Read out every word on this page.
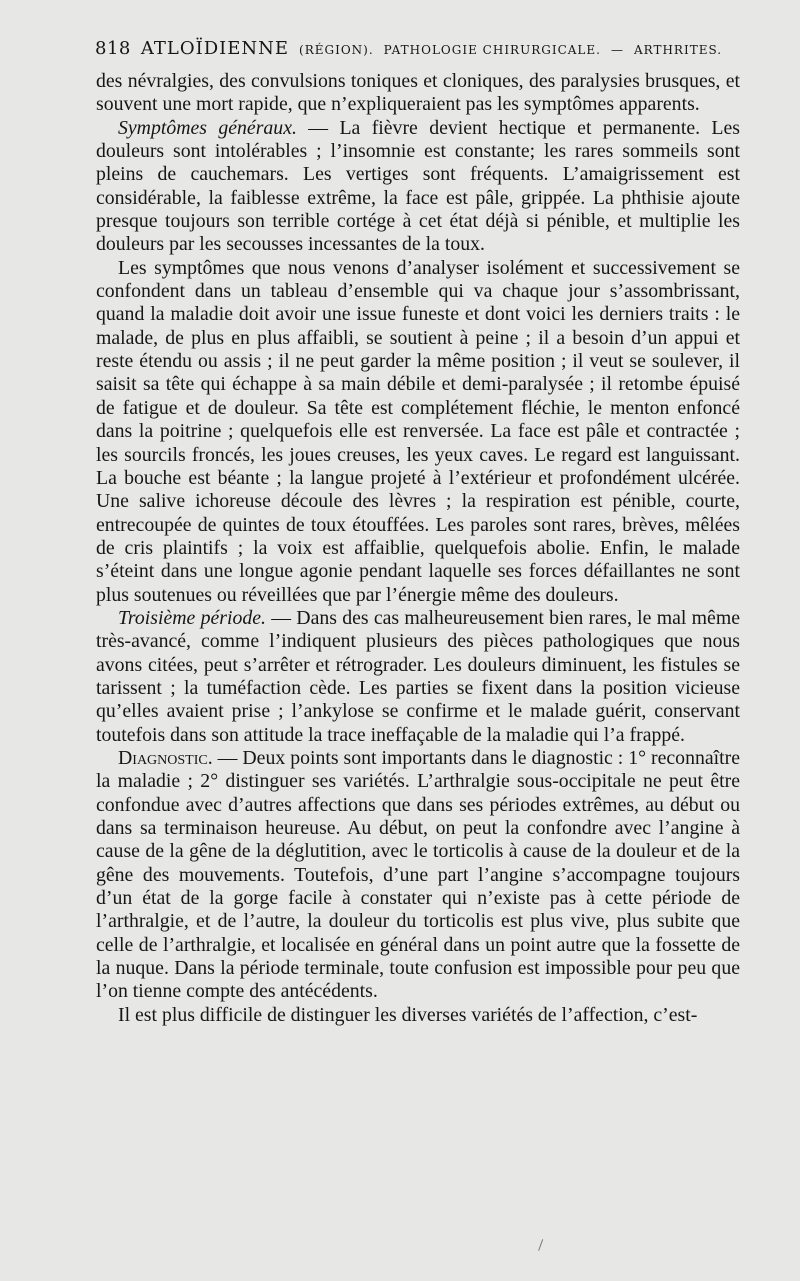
818 ATLOÏDIENNE (RÉGION). PATHOLOGIE CHIRURGICALE. — ARTHRITES.

des névralgies, des convulsions toniques et cloniques, des paralysies brusques, et souvent une mort rapide, que n’expliqueraient pas les symptômes apparents.

Symptômes généraux. — La fièvre devient hectique et permanente. Les douleurs sont intolérables ; l’insomnie est constante; les rares sommeils sont pleins de cauchemars. Les vertiges sont fréquents. L’amaigrissement est considérable, la faiblesse extrême, la face est pâle, grippée. La phthisie ajoute presque toujours son terrible cortége à cet état déjà si pénible, et multiplie les douleurs par les secousses incessantes de la toux.

Les symptômes que nous venons d’analyser isolément et successivement se confondent dans un tableau d’ensemble qui va chaque jour s’assombrissant, quand la maladie doit avoir une issue funeste et dont voici les derniers traits : le malade, de plus en plus affaibli, se soutient à peine ; il a besoin d’un appui et reste étendu ou assis ; il ne peut garder la même position ; il veut se soulever, il saisit sa tête qui échappe à sa main débile et demi-paralysée ; il retombe épuisé de fatigue et de douleur. Sa tête est complétement fléchie, le menton enfoncé dans la poitrine ; quelquefois elle est renversée. La face est pâle et contractée ; les sourcils froncés, les joues creuses, les yeux caves. Le regard est languissant. La bouche est béante ; la langue projeté à l’extérieur et profondément ulcérée. Une salive ichoreuse découle des lèvres ; la respiration est pénible, courte, entrecoupée de quintes de toux étouffées. Les paroles sont rares, brèves, mêlées de cris plaintifs ; la voix est affaiblie, quelquefois abolie. Enfin, le malade s’éteint dans une longue agonie pendant laquelle ses forces défaillantes ne sont plus soutenues ou réveillées que par l’énergie même des douleurs.

Troisième période. — Dans des cas malheureusement bien rares, le mal même très-avancé, comme l’indiquent plusieurs des pièces pathologiques que nous avons citées, peut s’arrêter et rétrograder. Les douleurs diminuent, les fistules se tarissent ; la tuméfaction cède. Les parties se fixent dans la position vicieuse qu’elles avaient prise ; l’ankylose se confirme et le malade guérit, conservant toutefois dans son attitude la trace ineffaçable de la maladie qui l’a frappé.

Diagnostic. — Deux points sont importants dans le diagnostic : 1° reconnaître la maladie ; 2° distinguer ses variétés. L’arthralgie sous-occipitale ne peut être confondue avec d’autres affections que dans ses périodes extrêmes, au début ou dans sa terminaison heureuse. Au début, on peut la confondre avec l’angine à cause de la gêne de la déglutition, avec le torticolis à cause de la douleur et de la gêne des mouvements. Toutefois, d’une part l’angine s’accompagne toujours d’un état de la gorge facile à constater qui n’existe pas à cette période de l’arthralgie, et de l’autre, la douleur du torticolis est plus vive, plus subite que celle de l’arthralgie, et localisée en général dans un point autre que la fossette de la nuque. Dans la période terminale, toute confusion est impossible pour peu que l’on tienne compte des antécédents.

Il est plus difficile de distinguer les diverses variétés de l’affection, c’est-
